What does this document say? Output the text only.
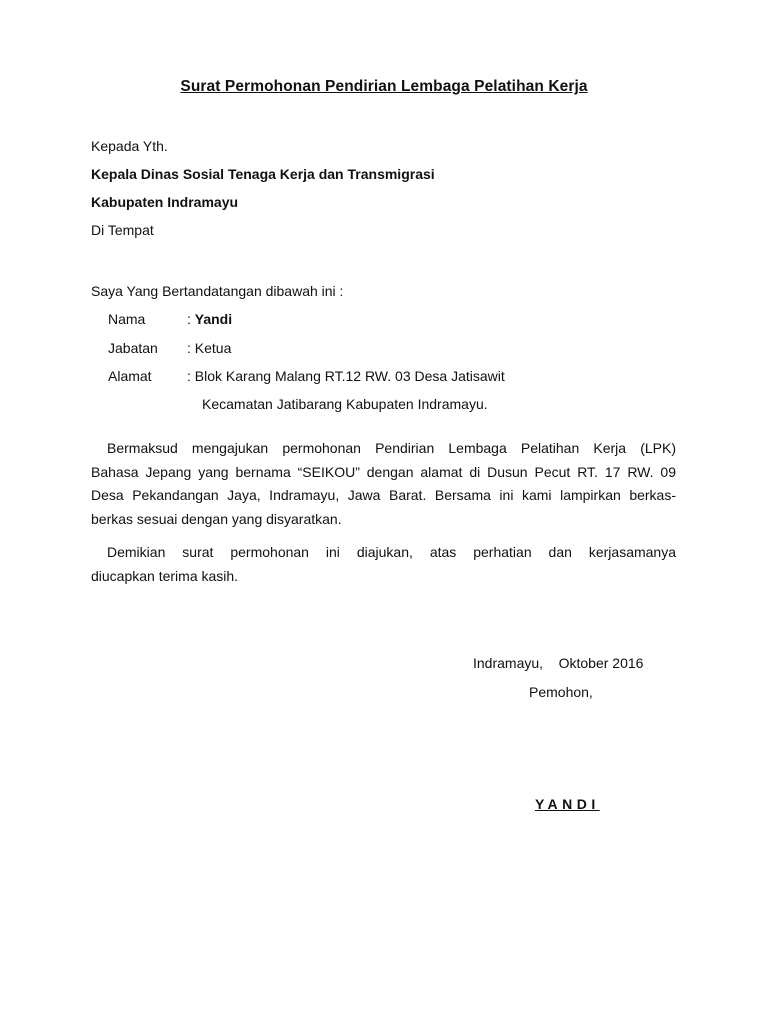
Surat Permohonan Pendirian Lembaga Pelatihan Kerja
Kepada Yth.
Kepala Dinas Sosial Tenaga Kerja dan Transmigrasi
Kabupaten Indramayu
Di Tempat
Saya Yang Bertandatangan dibawah ini :
Nama	: Yandi
Jabatan : Ketua
Alamat	: Blok Karang Malang RT.12 RW. 03 Desa Jatisawit
Kecamatan Jatibarang Kabupaten Indramayu.
Bermaksud mengajukan permohonan Pendirian Lembaga Pelatihan Kerja (LPK)
Bahasa Jepang yang bernama “SEIKOU” dengan alamat di Dusun Pecut RT. 17 RW. 09
Desa Pekandangan Jaya, Indramayu, Jawa Barat. Bersama ini kami lampirkan berkas-
berkas sesuai dengan yang disyaratkan.
Demikian surat permohonan ini diajukan, atas perhatian dan kerjasamanya
diucapkan terima kasih.
Indramayu,    Oktober 2016
Pemohon,
YANDI
